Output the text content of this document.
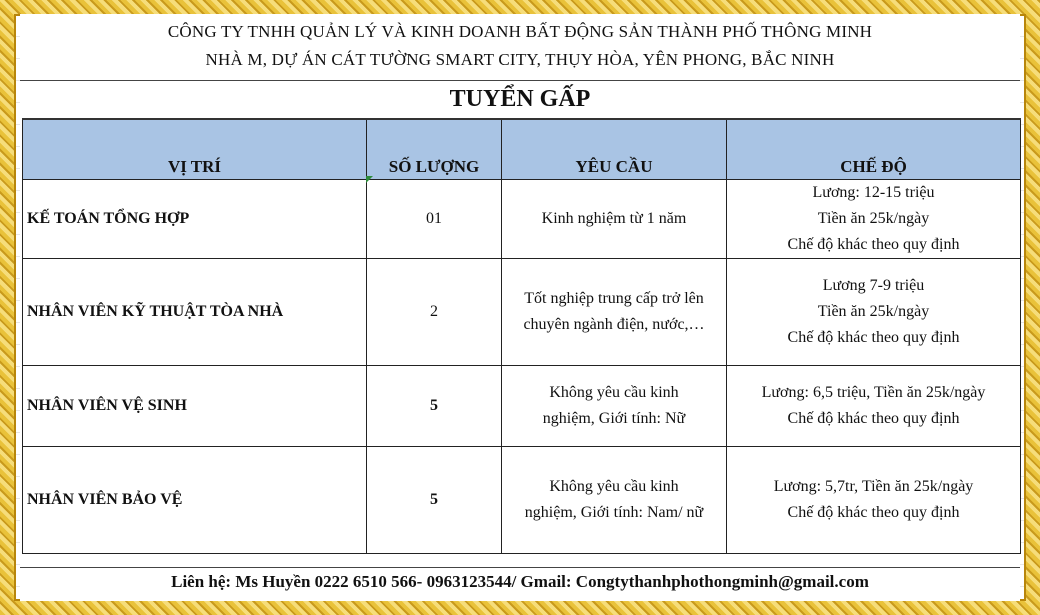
CÔNG TY TNHH QUẢN LÝ VÀ KINH DOANH BẤT ĐỘNG SẢN THÀNH PHỐ THÔNG MINH
NHÀ M, DỰ ÁN CÁT TƯỜNG SMART CITY, THỤY HÒA, YÊN PHONG, BẮC NINH
TUYỂN GẤP
VỊ TRÍ	SỐ LƯỢNG	YÊU CẦU	CHẾ ĐỘ
KẾ TOÁN TỔNG HỢP	01	Kinh nghiệm từ 1 năm	Lương: 12-15 triệu
Tiền ăn 25k/ngày
Chế độ khác theo quy định

NHÂN VIÊN KỸ THUẬT TÒA NHÀ	2	Tốt nghiệp trung cấp trở lên
chuyên ngành điện, nước,…	Lương 7-9 triệu
Tiền ăn 25k/ngày
Chế độ khác theo quy định

NHÂN VIÊN VỆ SINH	5	Không yêu cầu kinh
nghiệm, Giới tính: Nữ	Lương: 6,5 triệu, Tiền ăn 25k/ngày
Chế độ khác theo quy định

NHÂN VIÊN BẢO VỆ	5	Không yêu cầu kinh
nghiệm, Giới tính: Nam/ nữ	Lương: 5,7tr, Tiền ăn 25k/ngày
Chế độ khác theo quy định
Liên hệ: Ms Huyền 0222 6510 566- 0963123544/ Gmail: Congtythanhphothongminh@gmail.com
